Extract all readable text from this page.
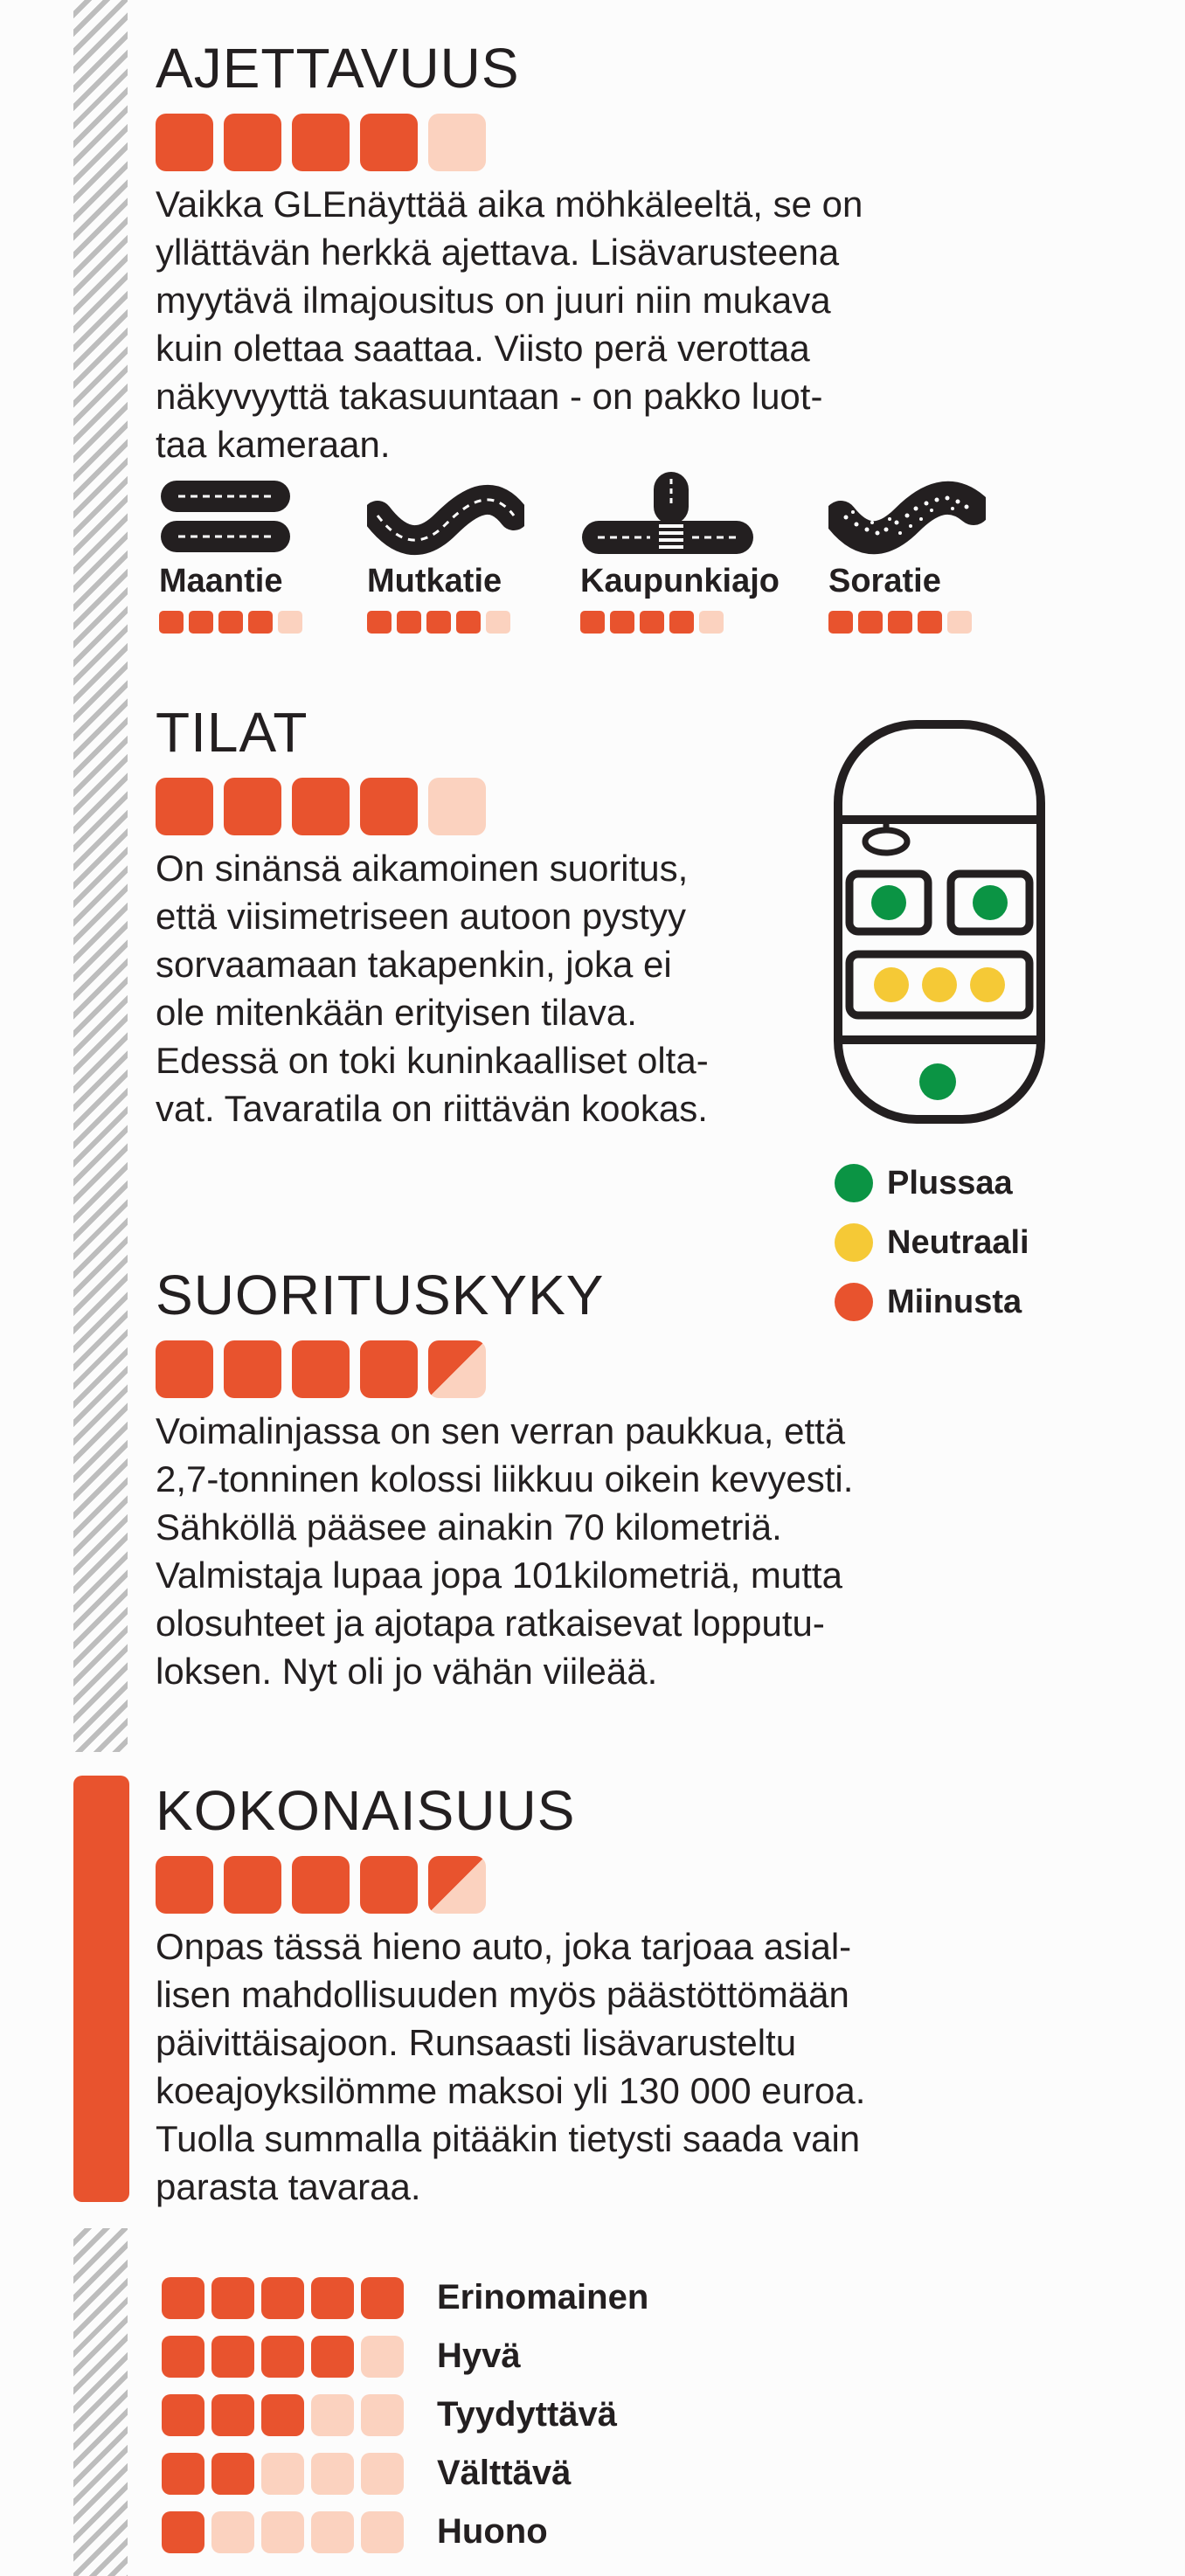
AJETTAVUUS
Vaikka GLEnäyttää aika möhkäleeltä, se on
yllättävän herkkä ajettava. Lisävarusteena
myytävä ilmajousitus on juuri niin mukava
kuin olettaa saattaa. Viisto perä verottaa
näkyvyyttä takasuuntaan - on pakko luot-
taa kameraan.
Maantie	Mutkatie	Kaupunkiajo Soratie
TILAT
On sinänsä aikamoinen suoritus,
että viisimetriseen autoon pystyy
sorvaamaan takapenkin, joka ei
ole mitenkään erityisen tilava.
Edessä on toki kuninkaalliset olta-
vat. Tavaratila on riittävän kookas.
Plussaa
Neutraali
Miinusta
SUORITUSKYKY
Voimalinjassa on sen verran paukkua, että
2,7-tonninen kolossi liikkuu oikein kevyesti.
Sähköllä pääsee ainakin 70 kilometriä.
Valmistaja lupaa jopa 101kilometriä, mutta
olosuhteet ja ajotapa ratkaisevat lopputu-
loksen. Nyt oli jo vähän viileää.
KOKONAISUUS
Onpas tässä hieno auto, joka tarjoaa asial-
lisen mahdollisuuden myös päästöttömään
päivittäisajoon. Runsaasti lisävarusteltu
koeajoyksilömme maksoi yli 130 000 euroa.
Tuolla summalla pitääkin tietysti saada vain
parasta tavaraa.
Erinomainen
Hyvä
Tyydyttävä
Välttävä
Huono
